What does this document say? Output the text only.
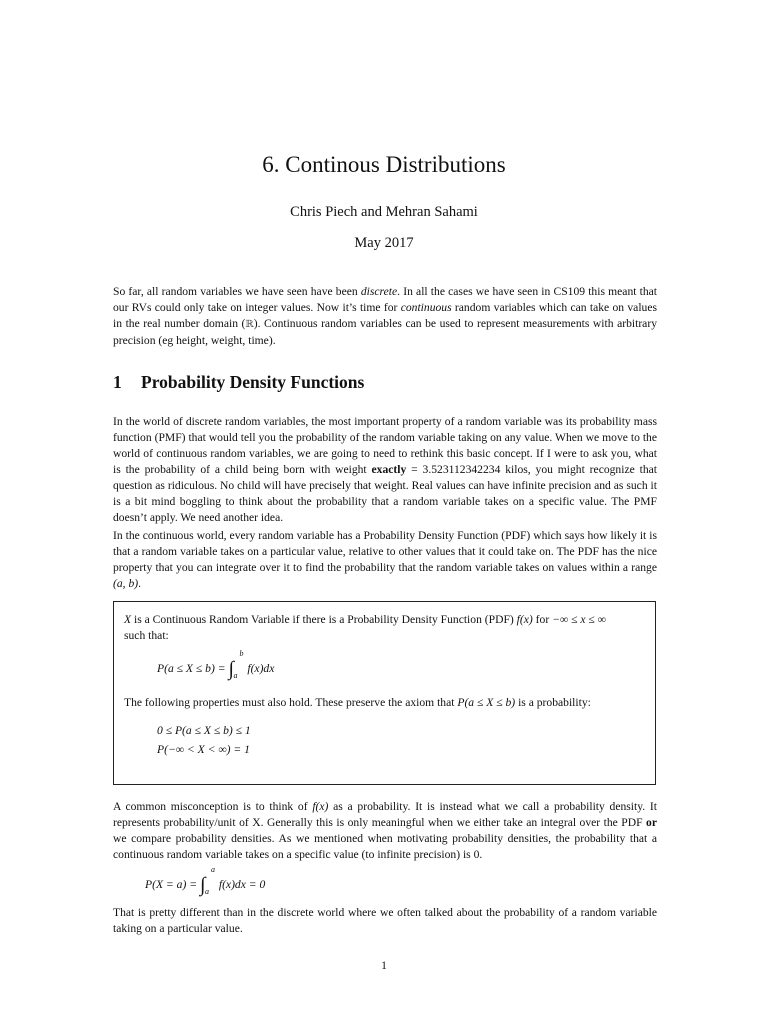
6. Continous Distributions
Chris Piech and Mehran Sahami
May 2017

So far, all random variables we have seen have been discrete. In all the cases we have seen in CS109 this meant that our RVs could only take on integer values. Now it’s time for continuous random variables which can take on values in the real number domain (ℝ). Continuous random variables can be used to represent measurements with arbitrary precision (eg height, weight, time).

1 Probability Density Functions

In the world of discrete random variables, the most important property of a random variable was its probability mass function (PMF) that would tell you the probability of the random variable taking on any value. When we move to the world of continuous random variables, we are going to need to rethink this basic concept. If I were to ask you, what is the probability of a child being born with weight exactly = 3.523112342234 kilos, you might recognize that question as ridiculous. No child will have precisely that weight. Real values can have infinite precision and as such it is a bit mind boggling to think about the probability that a random variable takes on a specific value. The PMF doesn’t apply. We need another idea.

In the continuous world, every random variable has a Probability Density Function (PDF) which says how likely it is that a random variable takes on a particular value, relative to other values that it could take on. The PDF has the nice property that you can integrate over it to find the probability that the random variable takes on values within a range (a, b).

X is a Continuous Random Variable if there is a Probability Density Function (PDF) f(x) for −∞ ≤ x ≤ ∞
such that:
P(a ≤ X ≤ b) = ∫
b
a
f(x)dx
The following properties must also hold. These preserve the axiom that P(a ≤ X ≤ b) is a probability:
0 ≤ P(a ≤ X ≤ b) ≤ 1
P(−∞ < X < ∞) = 1

A common misconception is to think of f(x) as a probability. It is instead what we call a probability density. It represents probability/unit of X. Generally this is only meaningful when we either take an integral over the PDF or we compare probability densities. As we mentioned when motivating probability densities, the probability that a continuous random variable takes on a specific value (to infinite precision) is 0.

P(X = a) = ∫
a
a
f(x)dx = 0

That is pretty different than in the discrete world where we often talked about the probability of a random variable taking on a particular value.

1
